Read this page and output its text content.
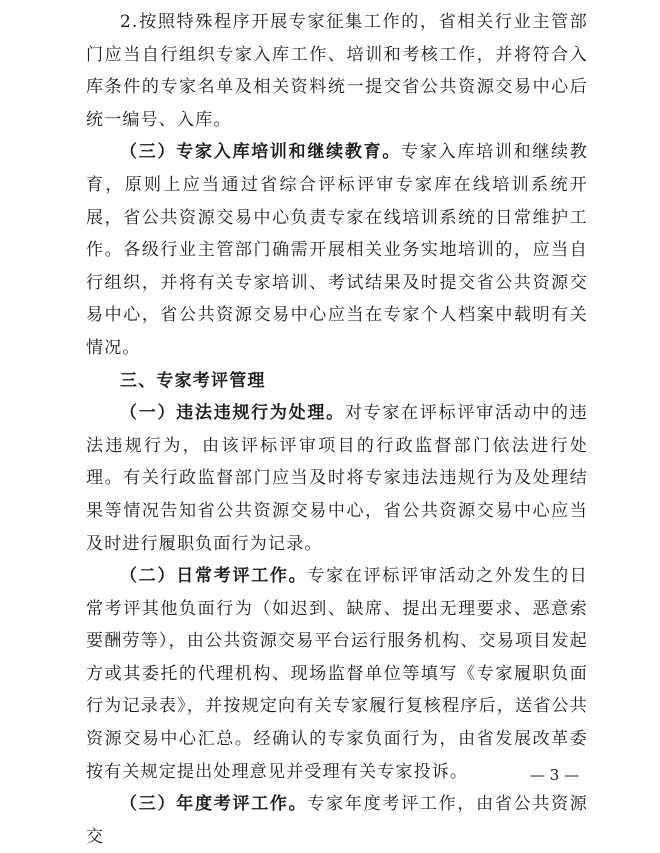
2.按照特殊程序开展专家征集工作的，省相关行业主管部门应当自行组织专家入库工作、培训和考核工作，并将符合入库条件的专家名单及相关资料统一提交省公共资源交易中心后统一编号、入库。

（三）专家入库培训和继续教育。专家入库培训和继续教育，原则上应当通过省综合评标评审专家库在线培训系统开展，省公共资源交易中心负责专家在线培训系统的日常维护工作。各级行业主管部门确需开展相关业务实地培训的，应当自行组织，并将有关专家培训、考试结果及时提交省公共资源交易中心，省公共资源交易中心应当在专家个人档案中载明有关情况。

三、专家考评管理

（一）违法违规行为处理。对专家在评标评审活动中的违法违规行为，由该评标评审项目的行政监督部门依法进行处理。有关行政监督部门应当及时将专家违法违规行为及处理结果等情况告知省公共资源交易中心，省公共资源交易中心应当及时进行履职负面行为记录。

（二）日常考评工作。专家在评标评审活动之外发生的日常考评其他负面行为（如迟到、缺席、提出无理要求、恶意索要酬劳等），由公共资源交易平台运行服务机构、交易项目发起方或其委托的代理机构、现场监督单位等填写《专家履职负面行为记录表》，并按规定向有关专家履行复核程序后，送省公共资源交易中心汇总。经确认的专家负面行为，由省发展改革委按有关规定提出处理意见并受理有关专家投诉。

（三）年度考评工作。专家年度考评工作，由省公共资源交

— 3 —
